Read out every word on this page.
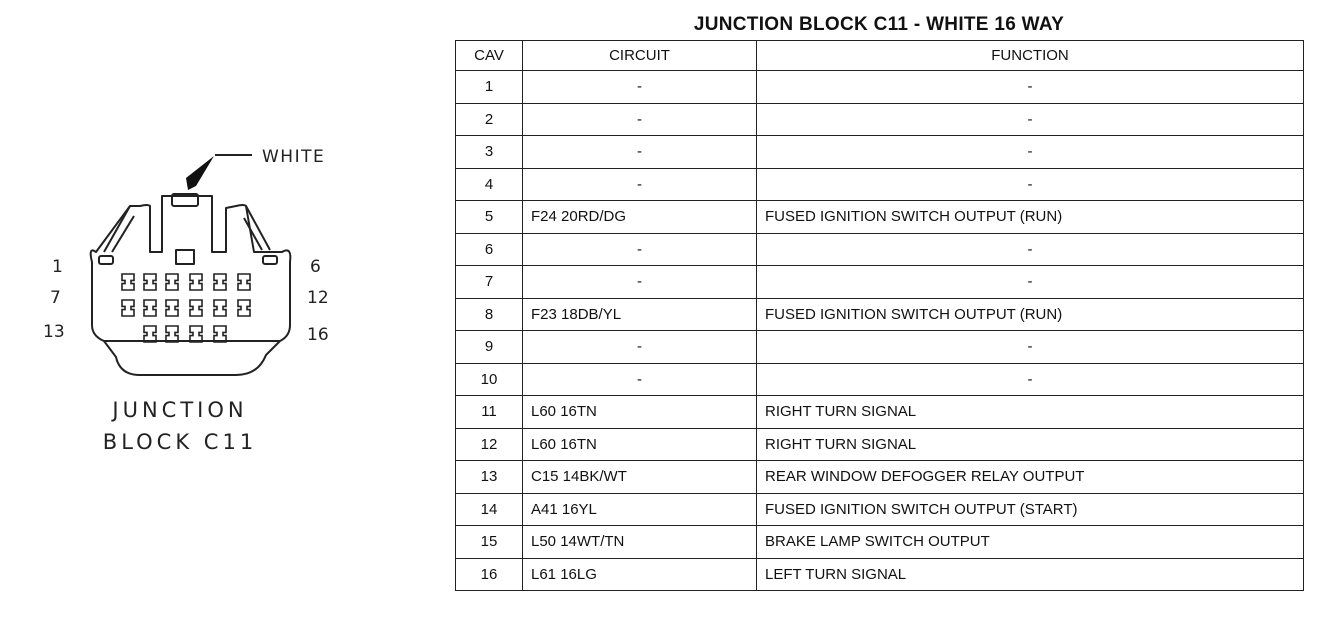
WHITE
1
7
13
6
12
16
JUNCTION
BLOCK C11
JUNCTION BLOCK C11 - WHITE 16 WAY
CAV	CIRCUIT	FUNCTION
1	-	-
2	-	-
3	-	-
4	-	-
5	F24 20RD/DG	FUSED IGNITION SWITCH OUTPUT (RUN)
6	-	-
7	-	-
8	F23 18DB/YL	FUSED IGNITION SWITCH OUTPUT (RUN)
9	-	-
10	-	-
11	L60 16TN	RIGHT TURN SIGNAL
12	L60 16TN	RIGHT TURN SIGNAL
13	C15 14BK/WT	REAR WINDOW DEFOGGER RELAY OUTPUT
14	A41 16YL	FUSED IGNITION SWITCH OUTPUT (START)
15	L50 14WT/TN	BRAKE LAMP SWITCH OUTPUT
16	L61 16LG	LEFT TURN SIGNAL
